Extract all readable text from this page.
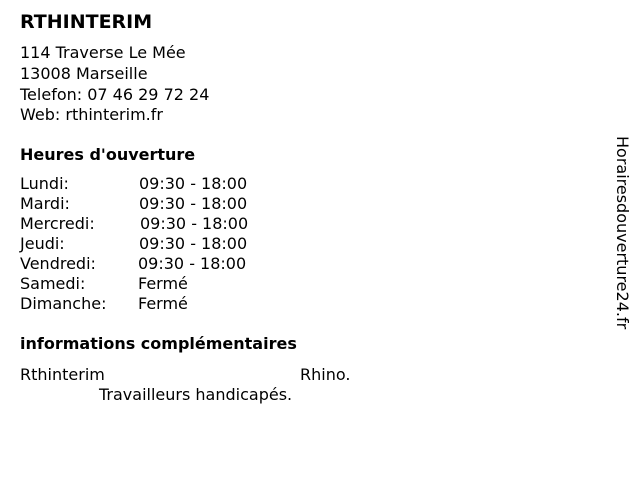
RTHINTERIM
114 Traverse Le Mée
13008 Marseille
Telefon: 07 46 29 72 24
Web: rthinterim.fr
Heures d'ouverture
Lundi:	09:30 - 18:00
Mardi:	09:30 - 18:00
Mercredi:	09:30 - 18:00
Jeudi:	09:30 - 18:00
Vendredi:	09:30 - 18:00
Samedi:	Fermé
Dimanche: Fermé
informations complémentaires
Rthinterim	Rhino.
Travailleurs handicapés.
Horairesdouverture24.fr
